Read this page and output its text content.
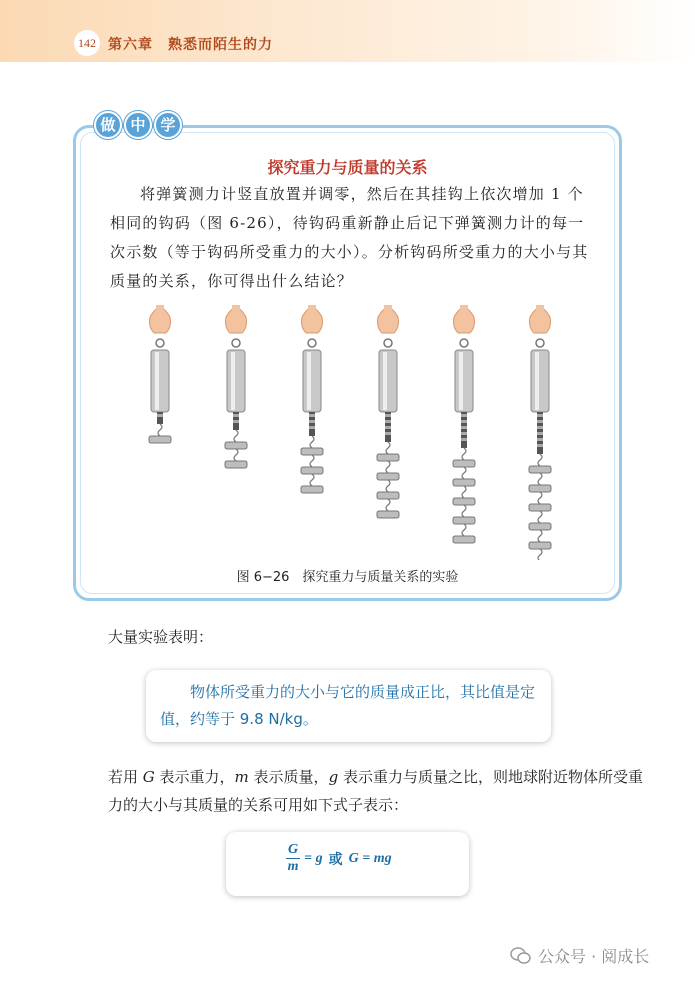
142 第六章　熟悉而陌生的力
做 中 学
探究重力与质量的关系
将弹簧测力计竖直放置并调零，然后在其挂钩上依次增加 1 个相同的钩码（图 6-26），待钩码重新静止后记下弹簧测力计的每一次示数（等于钩码所受重力的大小）。分析钩码所受重力的大小与其质量的关系，你可得出什么结论？
图 6−26　探究重力与质量关系的实验
大量实验表明：
物体所受重力的大小与它的质量成正比，其比值是定值，约等于 9.8 N/kg。
若用 G 表示重力，m 表示质量，g 表示重力与质量之比，则地球附近物体所受重力的大小与其质量的关系可用如下式子表示：
$\frac{G}{m} = g$ 或 G = mg
公众号 · 阅成长
